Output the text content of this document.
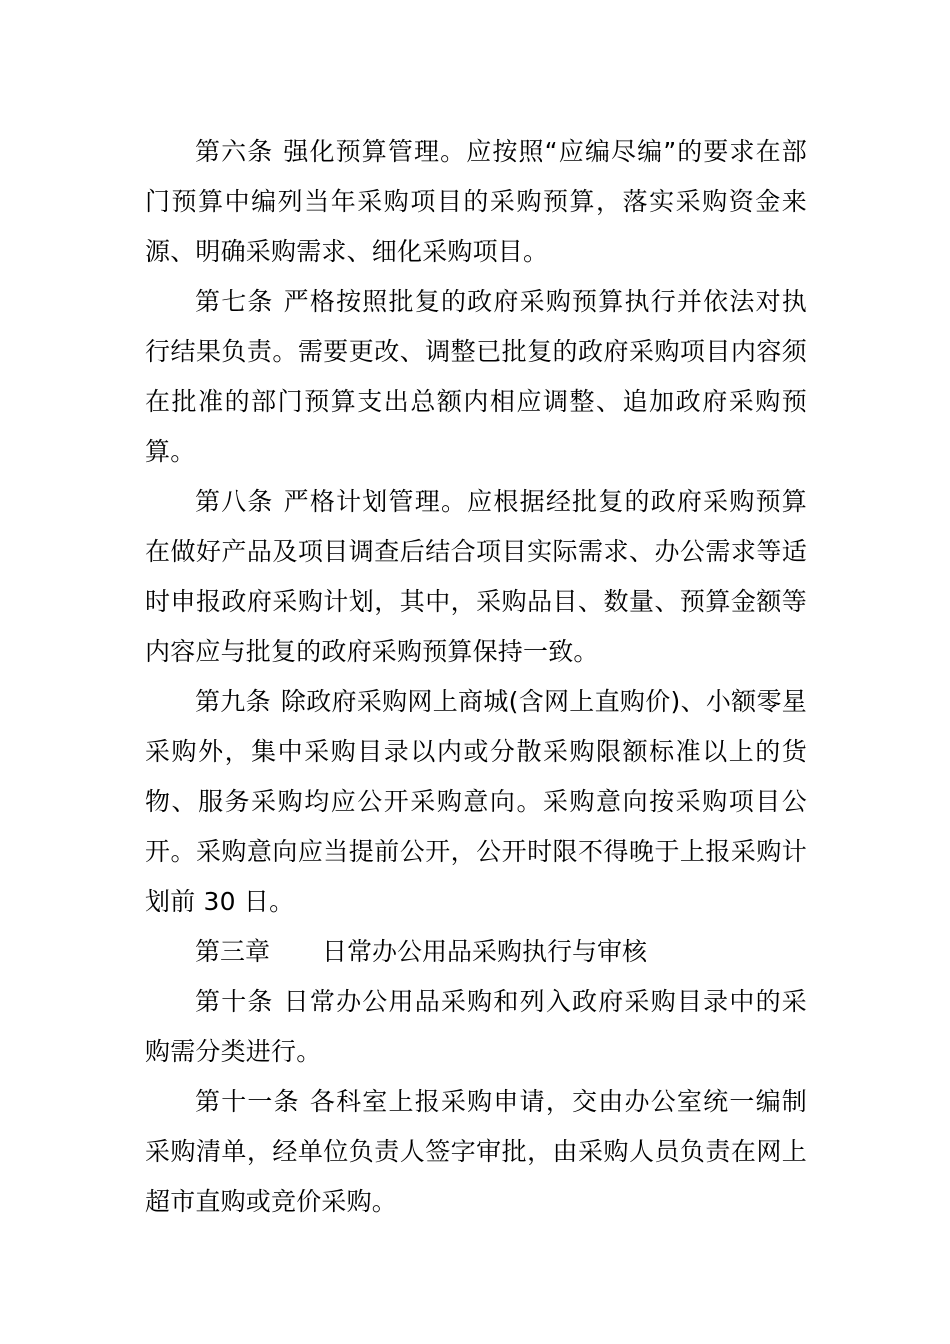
第六条 强化预算管理。应按照“应编尽编”的要求在部门预算中编列当年采购项目的采购预算，落实采购资金来源、明确采购需求、细化采购项目。

第七条 严格按照批复的政府采购预算执行并依法对执行结果负责。需要更改、调整已批复的政府采购项目内容须在批准的部门预算支出总额内相应调整、追加政府采购预算。

第八条 严格计划管理。应根据经批复的政府采购预算在做好产品及项目调查后结合项目实际需求、办公需求等适时申报政府采购计划，其中，采购品目、数量、预算金额等内容应与批复的政府采购预算保持一致。

第九条 除政府采购网上商城(含网上直购价)、小额零星采购外，集中采购目录以内或分散采购限额标准以上的货物、服务采购均应公开采购意向。采购意向按采购项目公开。采购意向应当提前公开，公开时限不得晚于上报采购计划前 30 日。

第三章 日常办公用品采购执行与审核

第十条 日常办公用品采购和列入政府采购目录中的采购需分类进行。

第十一条 各科室上报采购申请，交由办公室统一编制采购清单，经单位负责人签字审批，由采购人员负责在网上超市直购或竞价采购。
